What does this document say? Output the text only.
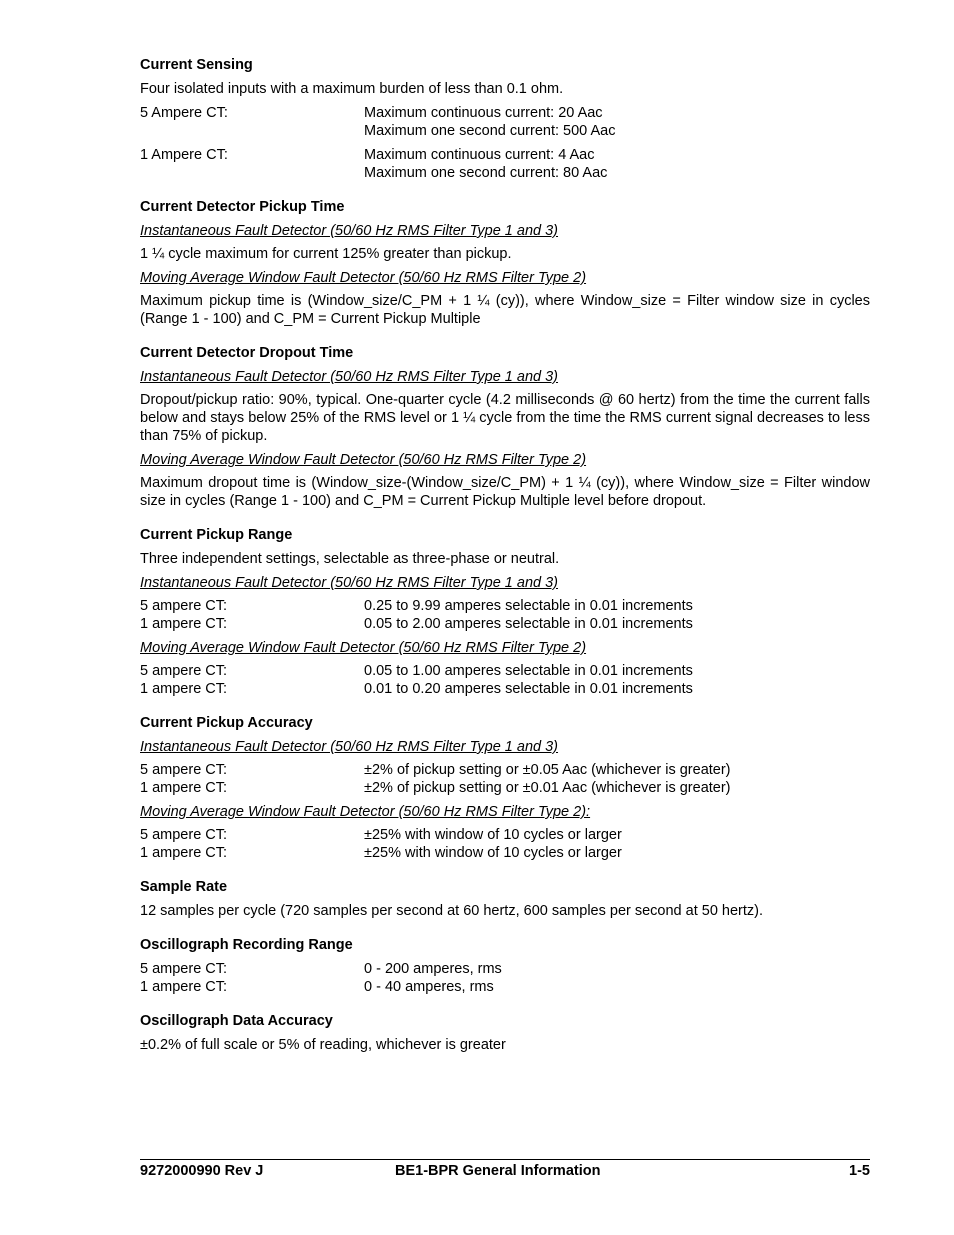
Current Sensing
Four isolated inputs with a maximum burden of less than 0.1 ohm.
5 Ampere CT:	Maximum continuous current: 20 Aac
Maximum one second current: 500 Aac
1 Ampere CT:	Maximum continuous current: 4 Aac
Maximum one second current: 80 Aac
Current Detector Pickup Time
Instantaneous Fault Detector (50/60 Hz RMS Filter Type 1 and 3)
1 ¼ cycle maximum for current 125% greater than pickup.
Moving Average Window Fault Detector (50/60 Hz RMS Filter Type 2)
Maximum pickup time is (Window_size/C_PM + 1 ¼ (cy)), where Window_size = Filter window size in cycles (Range 1 - 100) and C_PM = Current Pickup Multiple
Current Detector Dropout Time
Instantaneous Fault Detector (50/60 Hz RMS Filter Type 1 and 3)
Dropout/pickup ratio: 90%, typical. One-quarter cycle (4.2 milliseconds @ 60 hertz) from the time the current falls below and stays below 25% of the RMS level or 1 ¼ cycle from the time the RMS current signal decreases to less than 75% of pickup.
Moving Average Window Fault Detector (50/60 Hz RMS Filter Type 2)
Maximum dropout time is (Window_size-(Window_size/C_PM) + 1 ¼ (cy)), where Window_size = Filter window size in cycles (Range 1 - 100) and C_PM = Current Pickup Multiple level before dropout.
Current Pickup Range
Three independent settings, selectable as three-phase or neutral.
Instantaneous Fault Detector (50/60 Hz RMS Filter Type 1 and 3)
5 ampere CT:	0.25 to 9.99 amperes selectable in 0.01 increments
1 ampere CT:	0.05 to 2.00 amperes selectable in 0.01 increments
Moving Average Window Fault Detector (50/60 Hz RMS Filter Type 2)
5 ampere CT:	0.05 to 1.00 amperes selectable in 0.01 increments
1 ampere CT:	0.01 to 0.20 amperes selectable in 0.01 increments
Current Pickup Accuracy
Instantaneous Fault Detector (50/60 Hz RMS Filter Type 1 and 3)
5 ampere CT:	±2% of pickup setting or ±0.05 Aac (whichever is greater)
1 ampere CT:	±2% of pickup setting or ±0.01 Aac (whichever is greater)
Moving Average Window Fault Detector (50/60 Hz RMS Filter Type 2):
5 ampere CT:	±25% with window of 10 cycles or larger
1 ampere CT:	±25% with window of 10 cycles or larger
Sample Rate
12 samples per cycle (720 samples per second at 60 hertz, 600 samples per second at 50 hertz).
Oscillograph Recording Range
5 ampere CT:	0 - 200 amperes, rms
1 ampere CT:	0 - 40 amperes, rms
Oscillograph Data Accuracy
±0.2% of full scale or 5% of reading, whichever is greater
9272000990 Rev J	BE1-BPR General Information	1-5
